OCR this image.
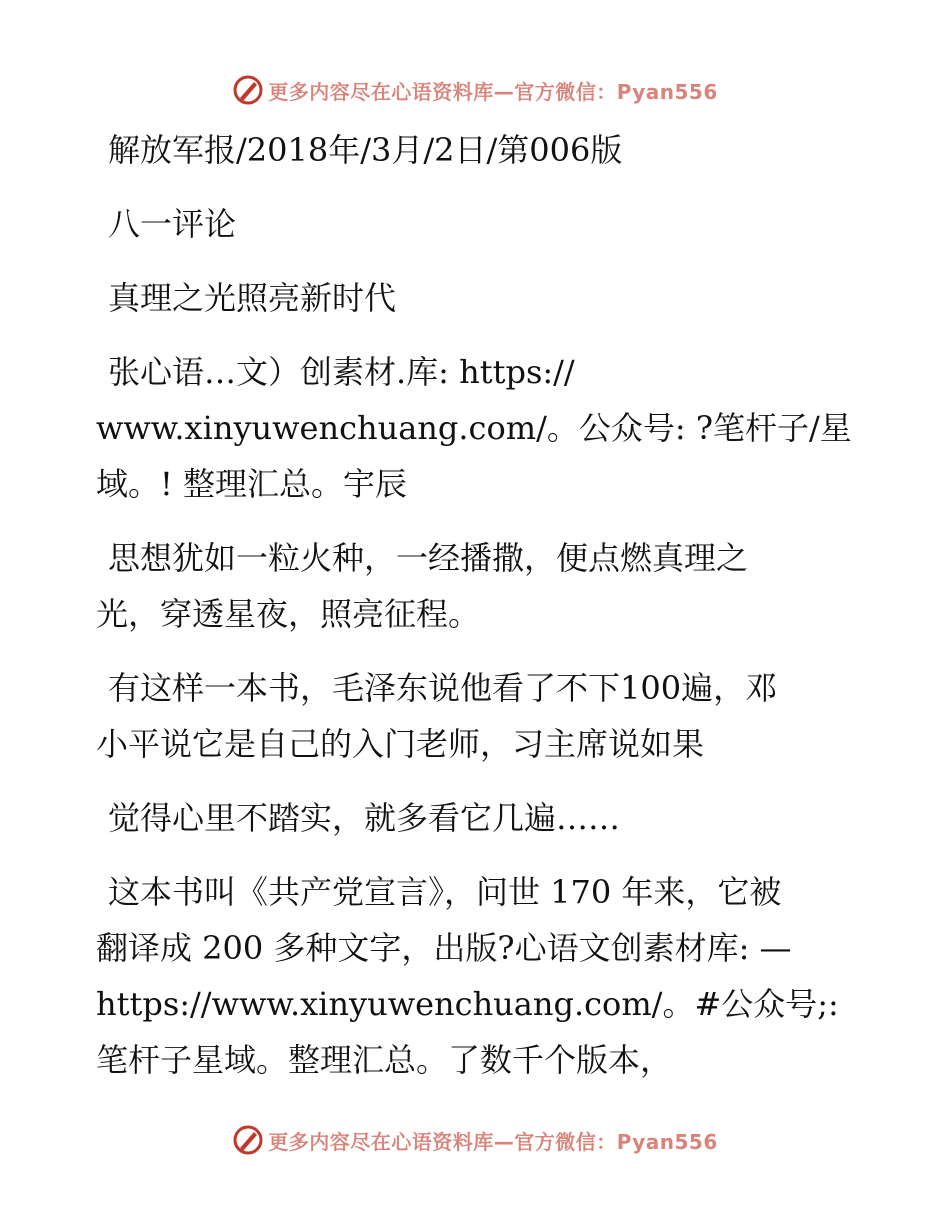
更多内容尽在心语资料库—官方微信：Pyan556
解放军报/2018年/3月/2日/第006版
八一评论
真理之光照亮新时代
张心语…文）创素材.库: https://
www.xinyuwenchuang.com/。公众号: ?笔杆子/星
域。! 整理汇总。宇辰
思想犹如一粒火种，一经播撒，便点燃真理之
光，穿透星夜，照亮征程。
有这样一本书，毛泽东说他看了不下100遍，邓
小平说它是自己的入门老师，习主席说如果
觉得心里不踏实，就多看它几遍……
这本书叫《共产党宣言》，问世 170 年来，它被
翻译成 200 多种文字，出版?心语文创素材库: —
https://www.xinyuwenchuang.com/。#公众号;:
笔杆子星域。整理汇总。了数千个版本，
更多内容尽在心语资料库—官方微信：Pyan556
